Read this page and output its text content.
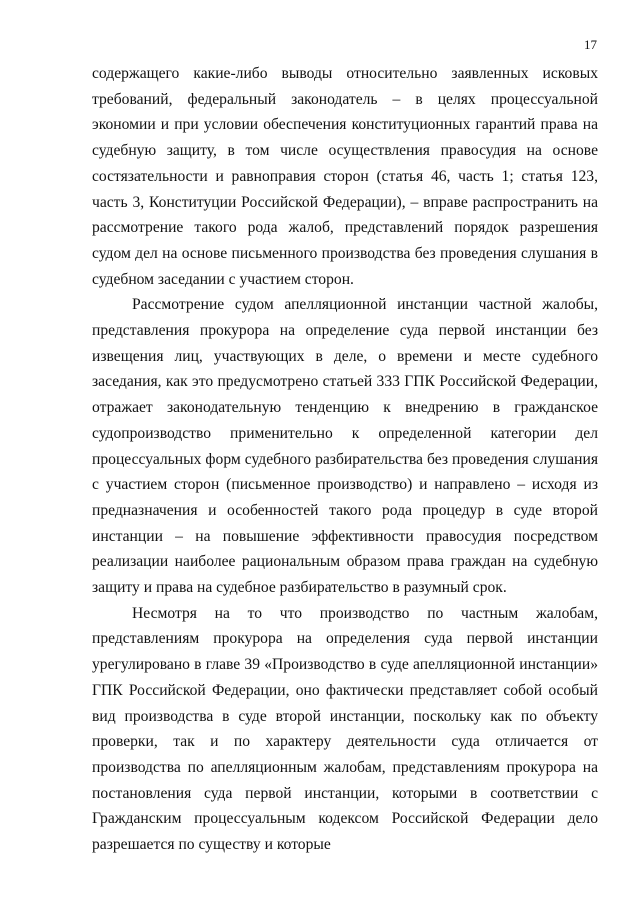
17

содержащего какие-либо выводы относительно заявленных исковых требований, федеральный законодатель – в целях процессуальной экономии и при условии обеспечения конституционных гарантий права на судебную защиту, в том числе осуществления правосудия на основе состязательности и равноправия сторон (статья 46, часть 1; статья 123, часть 3, Конституции Российской Федерации), – вправе распространить на рассмотрение такого рода жалоб, представлений порядок разрешения судом дел на основе письменного производства без проведения слушания в судебном заседании с участием сторон.

Рассмотрение судом апелляционной инстанции частной жалобы, представления прокурора на определение суда первой инстанции без извещения лиц, участвующих в деле, о времени и месте судебного заседания, как это предусмотрено статьей 333 ГПК Российской Федерации, отражает законодательную тенденцию к внедрению в гражданское судопроизводство применительно к определенной категории дел процессуальных форм судебного разбирательства без проведения слушания с участием сторон (письменное производство) и направлено – исходя из предназначения и особенностей такого рода процедур в суде второй инстанции – на повышение эффективности правосудия посредством реализации наиболее рациональным образом права граждан на судебную защиту и права на судебное разбирательство в разумный срок.

Несмотря на то что производство по частным жалобам, представлениям прокурора на определения суда первой инстанции урегулировано в главе 39 «Производство в суде апелляционной инстанции» ГПК Российской Федерации, оно фактически представляет собой особый вид производства в суде второй инстанции, поскольку как по объекту проверки, так и по характеру деятельности суда отличается от производства по апелляционным жалобам, представлениям прокурора на постановления суда первой инстанции, которыми в соответствии с Гражданским процессуальным кодексом Российской Федерации дело разрешается по существу и которые
